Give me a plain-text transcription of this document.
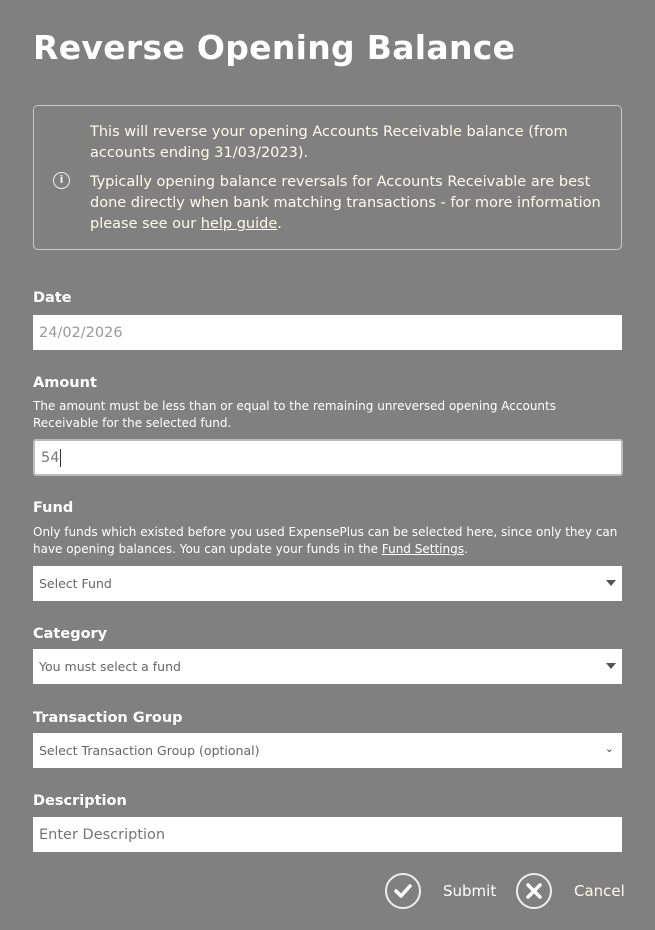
Reverse Opening Balance
i

This will reverse your opening Accounts Receivable balance (from accounts ending 31/03/2023).

Typically opening balance reversals for Accounts Receivable are best done directly when bank matching transactions - for more information please see our help guide.

Date
24/02/2026
Amount
The amount must be less than or equal to the remaining unreversed opening Accounts Receivable for the selected fund.
54
Fund
Only funds which existed before you used ExpensePlus can be selected here, since only they can have opening balances. You can update your funds in the Fund Settings.
Select Fund
Category
You must select a fund
Transaction Group
Select Transaction Group (optional)	⌄
Description
Enter Description
Submit	Cancel
